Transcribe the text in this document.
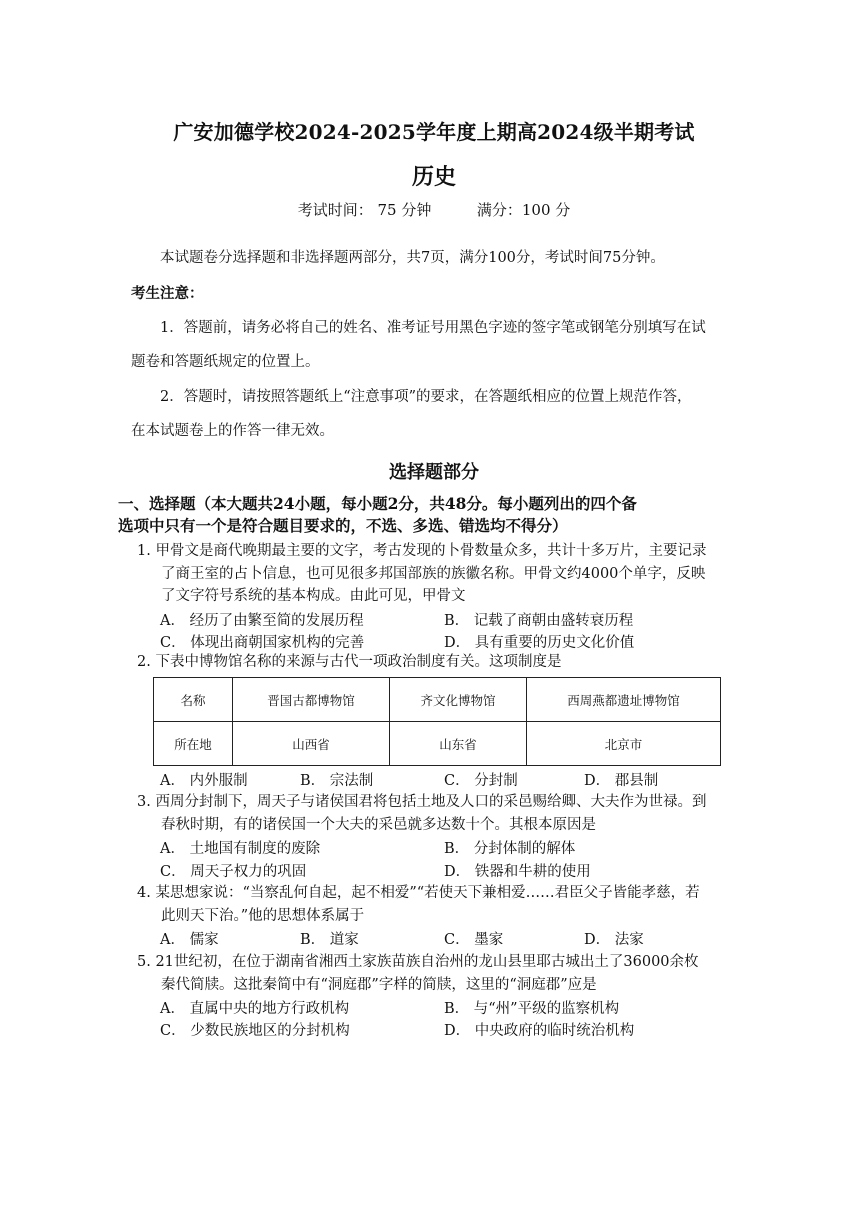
广安加德学校2024-2025学年度上期高2024级半期考试
历史
考试时间： 75 分钟	满分：100 分
本试题卷分选择题和非选择题两部分，共7页，满分100分，考试时间75分钟。
考生注意：
1．答题前，请务必将自己的姓名、准考证号用黑色字迹的签字笔或钢笔分别填写在试
题卷和答题纸规定的位置上。
2．答题时，请按照答题纸上“注意事项”的要求，在答题纸相应的位置上规范作答，
在本试题卷上的作答一律无效。
选择题部分
一、选择题（本大题共24小题，每小题2分，共48分。每小题列出的四个备
选项中只有一个是符合题目要求的，不选、多选、错选均不得分）
1. 甲骨文是商代晚期最主要的文字，考古发现的卜骨数量众多，共计十多万片，主要记录
了商王室的占卜信息，也可见很多邦国部族的族徽名称。甲骨文约4000个单字，反映
了文字符号系统的基本构成。由此可见，甲骨文
A． 经历了由繁至简的发展历程	B． 记载了商朝由盛转衰历程
C． 体现出商朝国家机构的完善	D． 具有重要的历史文化价值
2. 下表中博物馆名称的来源与古代一项政治制度有关。这项制度是
名称	晋国古都博物馆	齐文化博物馆	西周燕都遗址博物馆
所在地	山西省	山东省	北京市
A． 内外服制	B． 宗法制	C． 分封制	D． 郡县制
3. 西周分封制下，周天子与诸侯国君将包括土地及人口的采邑赐给卿、大夫作为世禄。到
春秋时期，有的诸侯国一个大夫的采邑就多达数十个。其根本原因是
A． 土地国有制度的废除	B． 分封体制的解体
C． 周天子权力的巩固	D． 铁器和牛耕的使用
4. 某思想家说：“当察乱何自起，起不相爱”“若使天下兼相爱……君臣父子皆能孝慈，若
此则天下治。”他的思想体系属于
A． 儒家	B． 道家	C． 墨家	D． 法家
5. 21世纪初，在位于湖南省湘西土家族苗族自治州的龙山县里耶古城出土了36000余枚
秦代简牍。这批秦简中有“洞庭郡”字样的简牍，这里的“洞庭郡”应是
A． 直属中央的地方行政机构	B． 与“州”平级的监察机构
C． 少数民族地区的分封机构	D． 中央政府的临时统治机构
